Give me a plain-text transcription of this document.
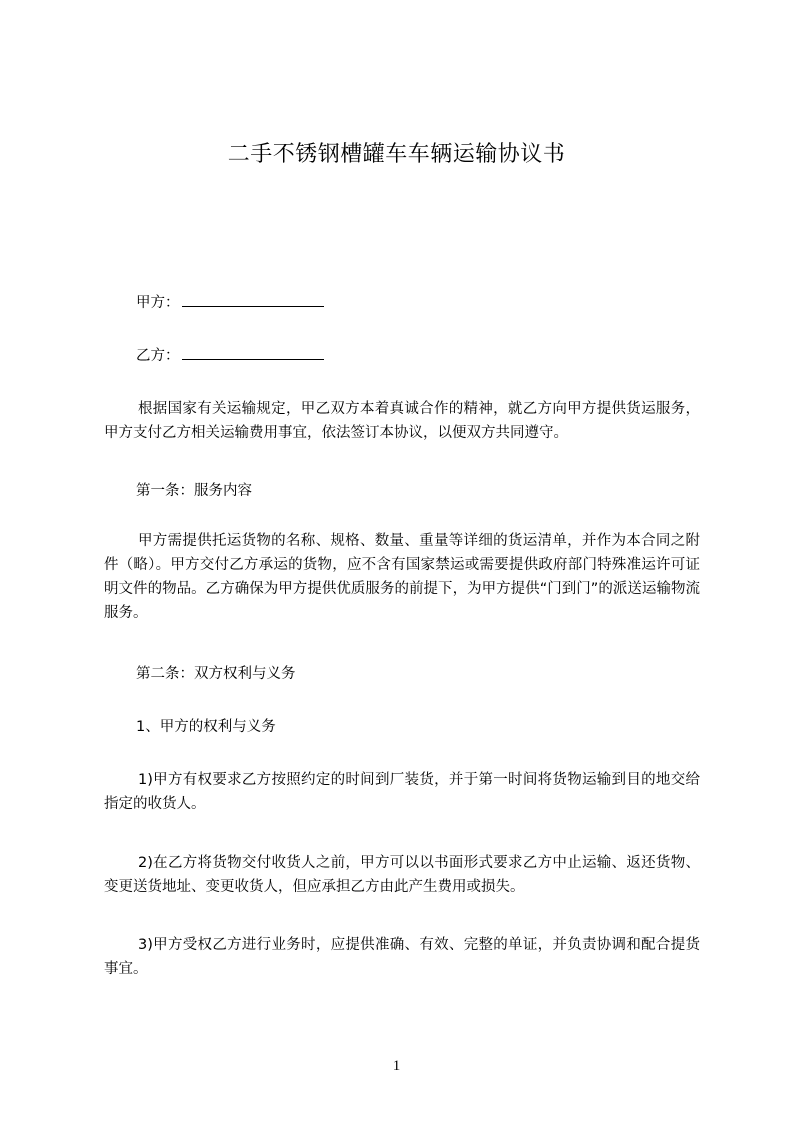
二手不锈钢槽罐车车辆运输协议书
甲方：
乙方：
根据国家有关运输规定，甲乙双方本着真诚合作的精神，就乙方向甲方提供货运服务，甲方支付乙方相关运输费用事宜，依法签订本协议，以便双方共同遵守。
第一条：服务内容
甲方需提供托运货物的名称、规格、数量、重量等详细的货运清单，并作为本合同之附件（略）。甲方交付乙方承运的货物，应不含有国家禁运或需要提供政府部门特殊准运许可证明文件的物品。乙方确保为甲方提供优质服务的前提下，为甲方提供“门到门”的派送运输物流服务。
第二条：双方权利与义务
1、甲方的权利与义务
1)甲方有权要求乙方按照约定的时间到厂装货，并于第一时间将货物运输到目的地交给指定的收货人。
2)在乙方将货物交付收货人之前，甲方可以以书面形式要求乙方中止运输、返还货物、变更送货地址、变更收货人，但应承担乙方由此产生费用或损失。
3)甲方受权乙方进行业务时，应提供准确、有效、完整的单证，并负责协调和配合提货事宜。
1
